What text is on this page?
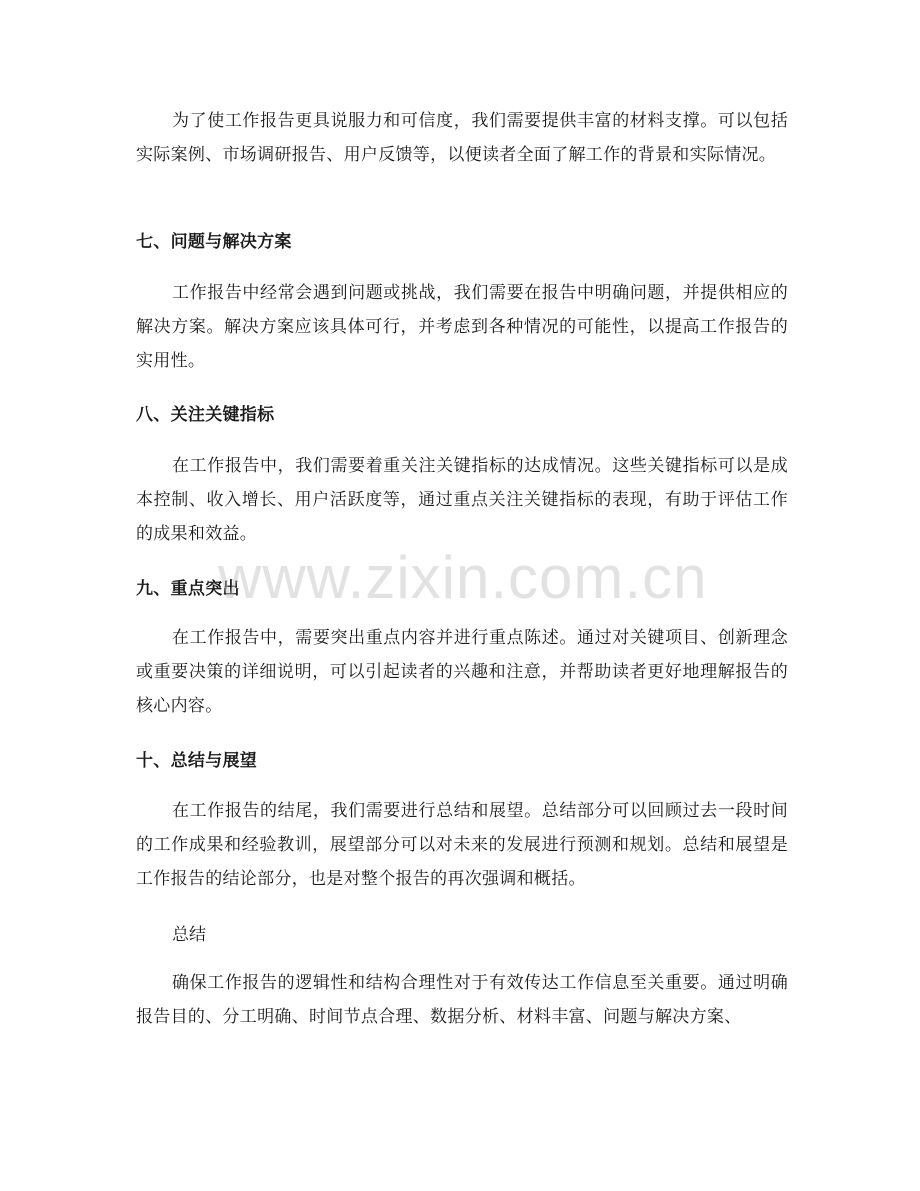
为了使工作报告更具说服力和可信度，我们需要提供丰富的材料支撑。可以包括实际案例、市场调研报告、用户反馈等，以便读者全面了解工作的背景和实际情况。

七、问题与解决方案

工作报告中经常会遇到问题或挑战，我们需要在报告中明确问题，并提供相应的解决方案。解决方案应该具体可行，并考虑到各种情况的可能性，以提高工作报告的实用性。

八、关注关键指标

在工作报告中，我们需要着重关注关键指标的达成情况。这些关键指标可以是成本控制、收入增长、用户活跃度等，通过重点关注关键指标的表现，有助于评估工作的成果和效益。

九、重点突出

在工作报告中，需要突出重点内容并进行重点陈述。通过对关键项目、创新理念或重要决策的详细说明，可以引起读者的兴趣和注意，并帮助读者更好地理解报告的核心内容。

十、总结与展望

在工作报告的结尾，我们需要进行总结和展望。总结部分可以回顾过去一段时间的工作成果和经验教训，展望部分可以对未来的发展进行预测和规划。总结和展望是工作报告的结论部分，也是对整个报告的再次强调和概括。

总结

确保工作报告的逻辑性和结构合理性对于有效传达工作信息至关重要。通过明确报告目的、分工明确、时间节点合理、数据分析、材料丰富、问题与解决方案、

www.zixin.com.cn
